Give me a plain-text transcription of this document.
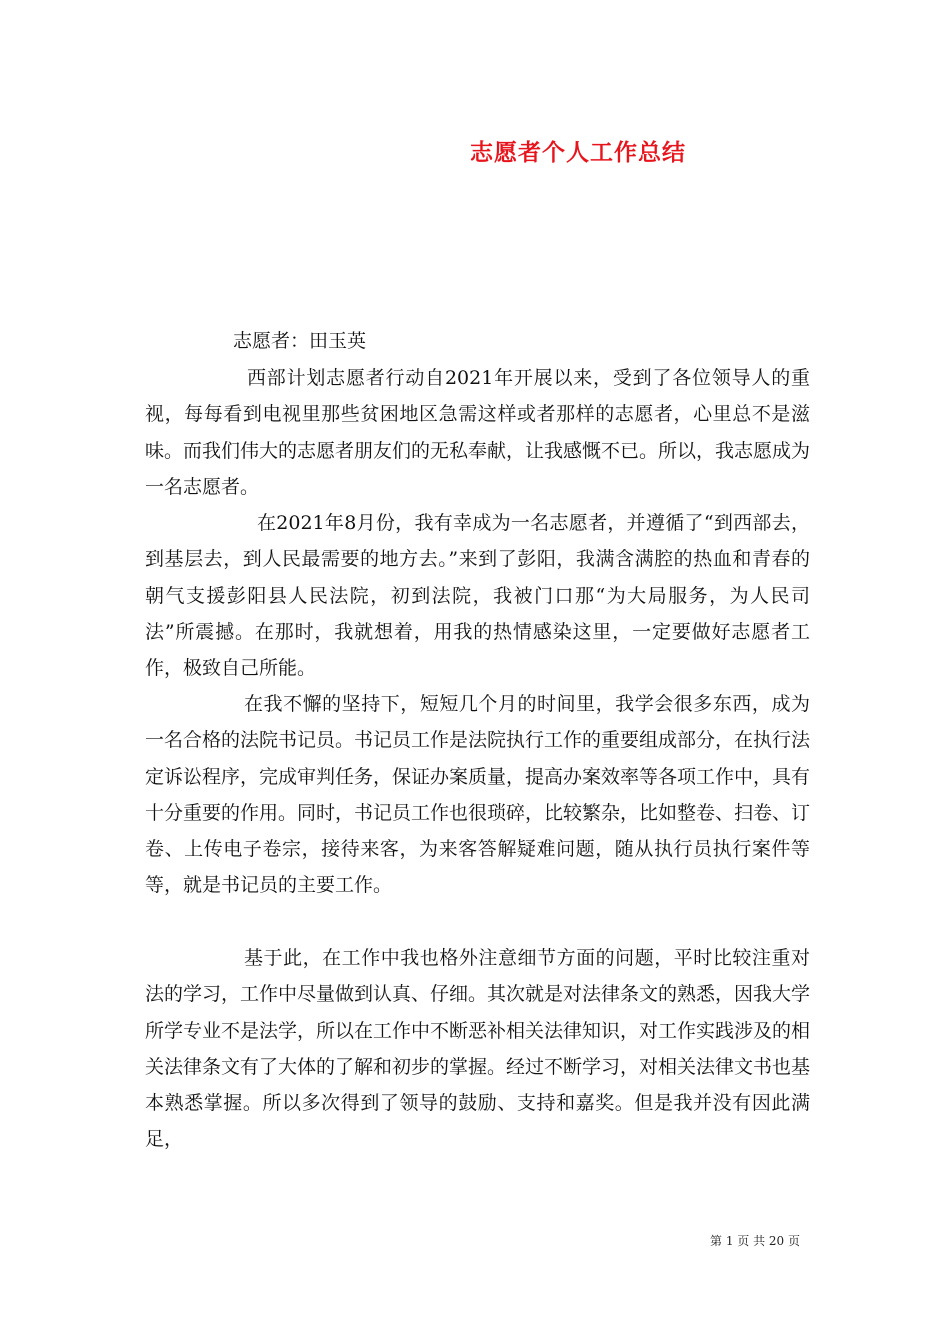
志愿者个人工作总结
志愿者：田玉英

西部计划志愿者行动自2021年开展以来，受到了各位领导人的重视，每每看到电视里那些贫困地区急需这样或者那样的志愿者，心里总不是滋味。而我们伟大的志愿者朋友们的无私奉献，让我感慨不已。所以，我志愿成为一名志愿者。

在2021年8月份，我有幸成为一名志愿者，并遵循了“到西部去，到基层去，到人民最需要的地方去。”来到了彭阳，我满含满腔的热血和青春的朝气支援彭阳县人民法院，初到法院，我被门口那“为大局服务，为人民司法”所震撼。在那时，我就想着，用我的热情感染这里，一定要做好志愿者工作，极致自己所能。

在我不懈的坚持下，短短几个月的时间里，我学会很多东西，成为一名合格的法院书记员。书记员工作是法院执行工作的重要组成部分，在执行法定诉讼程序，完成审判任务，保证办案质量，提高办案效率等各项工作中，具有十分重要的作用。同时，书记员工作也很琐碎，比较繁杂，比如整卷、扫卷、订卷、上传电子卷宗，接待来客，为来客答解疑难问题，随从执行员执行案件等等，就是书记员的主要工作。

基于此，在工作中我也格外注意细节方面的问题，平时比较注重对法的学习，工作中尽量做到认真、仔细。其次就是对法律条文的熟悉，因我大学所学专业不是法学，所以在工作中不断恶补相关法律知识，对工作实践涉及的相关法律条文有了大体的了解和初步的掌握。经过不断学习，对相关法律文书也基本熟悉掌握。所以多次得到了领导的鼓励、支持和嘉奖。但是我并没有因此满足，

第 1 页 共 20 页
